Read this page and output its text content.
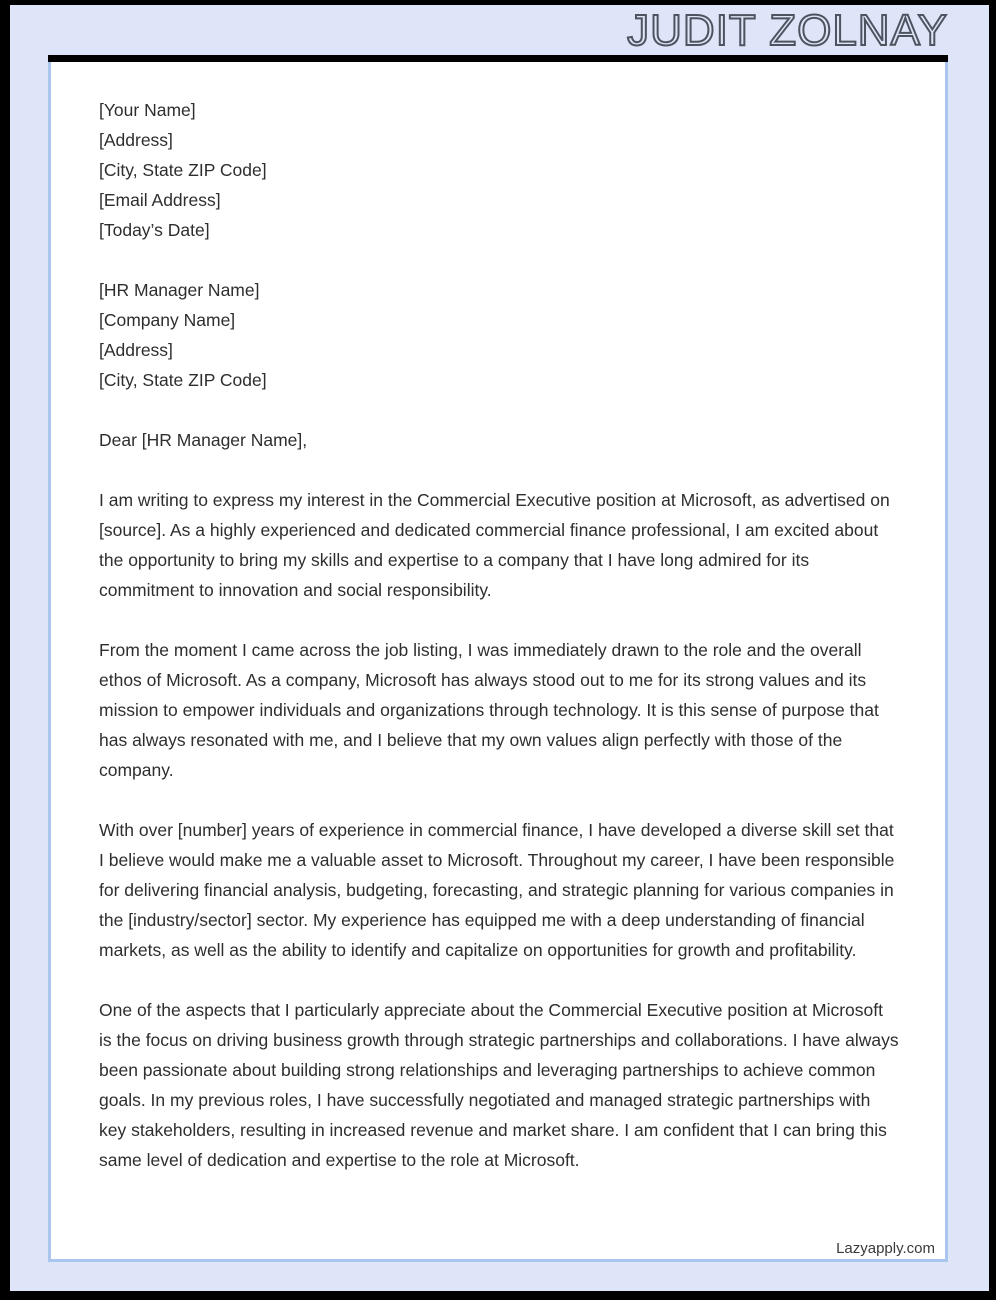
JUDIT ZOLNAY
[Your Name]
[Address]
[City, State ZIP Code]
[Email Address]
[Today’s Date]
[HR Manager Name]
[Company Name]
[Address]
[City, State ZIP Code]

Dear [HR Manager Name],

I am writing to express my interest in the Commercial Executive position at Microsoft, as advertised on [source]. As a highly experienced and dedicated commercial finance professional, I am excited about the opportunity to bring my skills and expertise to a company that I have long admired for its commitment to innovation and social responsibility.

From the moment I came across the job listing, I was immediately drawn to the role and the overall ethos of Microsoft. As a company, Microsoft has always stood out to me for its strong values and its mission to empower individuals and organizations through technology. It is this sense of purpose that has always resonated with me, and I believe that my own values align perfectly with those of the company.

With over [number] years of experience in commercial finance, I have developed a diverse skill set that I believe would make me a valuable asset to Microsoft. Throughout my career, I have been responsible for delivering financial analysis, budgeting, forecasting, and strategic planning for various companies in the [industry/sector] sector. My experience has equipped me with a deep understanding of financial markets, as well as the ability to identify and capitalize on opportunities for growth and profitability.

One of the aspects that I particularly appreciate about the Commercial Executive position at Microsoft is the focus on driving business growth through strategic partnerships and collaborations. I have always been passionate about building strong relationships and leveraging partnerships to achieve common goals. In my previous roles, I have successfully negotiated and managed strategic partnerships with key stakeholders, resulting in increased revenue and market share. I am confident that I can bring this same level of dedication and expertise to the role at Microsoft.

Lazyapply.com
